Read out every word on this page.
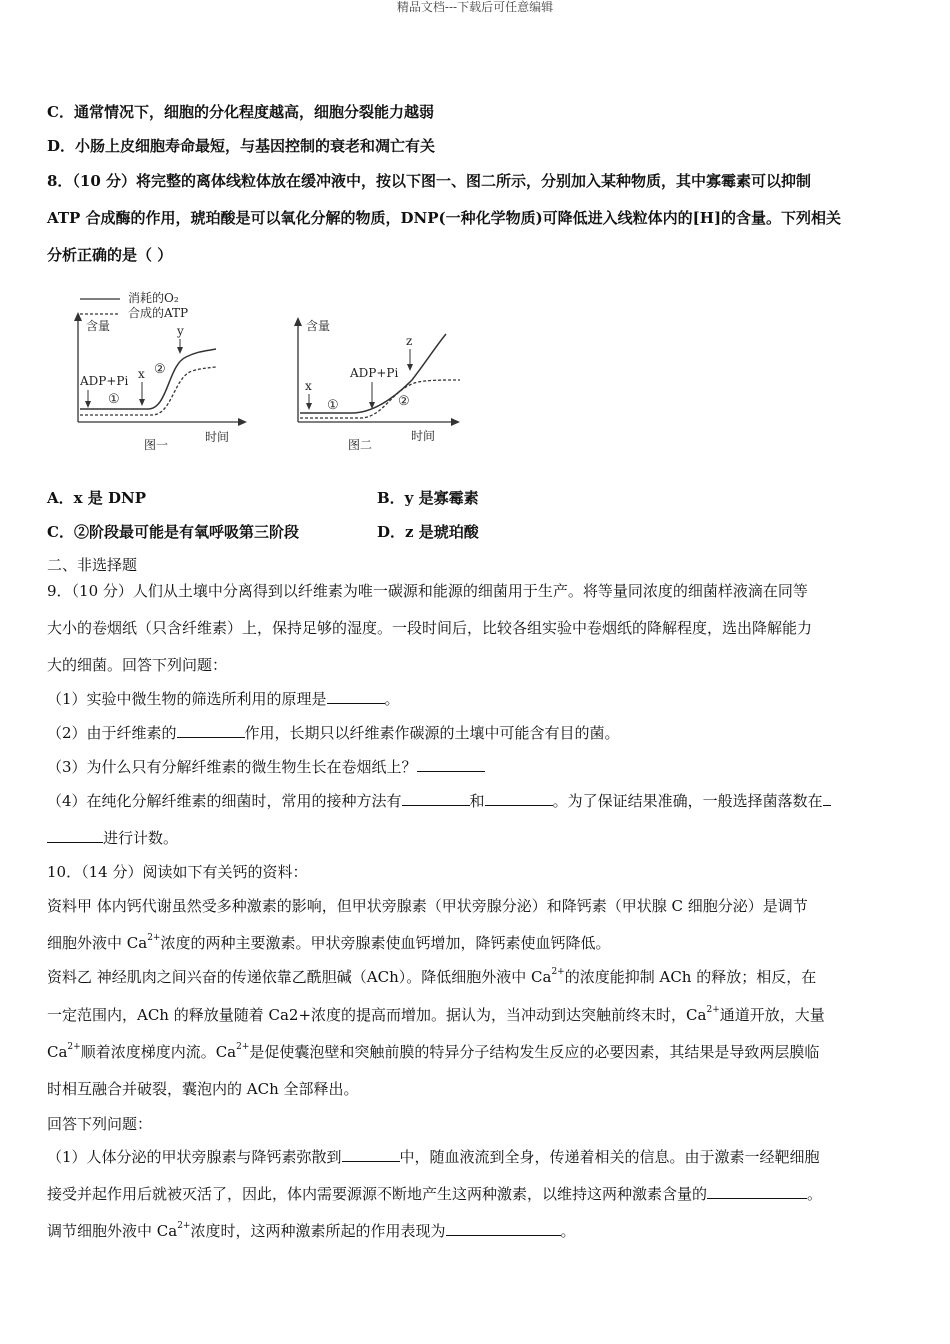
精品文档---下载后可任意编辑
C．通常情况下，细胞的分化程度越高，细胞分裂能力越弱
D．小肠上皮细胞寿命最短，与基因控制的衰老和凋亡有关
8．（10 分）将完整的离体线粒体放在缓冲液中，按以下图一、图二所示，分别加入某种物质，其中寡霉素可以抑制
ATP 合成酶的作用，琥珀酸是可以氧化分解的物质，DNP(一种化学物质)可降低进入线粒体内的[H]的含量。下列相关
分析正确的是（ ）
消耗的O₂
合成的ATP
含量
时间
图一
ADP+Pi
①
x ②
y	含量
时间
图二
x
①
ADP+Pi
②
z
A．x 是 DNP	B．y 是寡霉素
C．②阶段最可能是有氧呼吸第三阶段	D．z 是琥珀酸
二、非选择题
9．（10 分）人们从土壤中分离得到以纤维素为唯一碳源和能源的细菌用于生产。将等量同浓度的细菌样液滴在同等
大小的卷烟纸（只含纤维素）上，保持足够的湿度。一段时间后，比较各组实验中卷烟纸的降解程度，选出降解能力
大的细菌。回答下列问题：
（1）实验中微生物的筛选所利用的原理是	。
（2）由于纤维素的	作用，长期只以纤维素作碳源的土壤中可能含有目的菌。
（3）为什么只有分解纤维素的微生物生长在卷烟纸上？
（4）在纯化分解纤维素的细菌时，常用的接种方法有	和	。为了保证结果准确，一般选择菌落数在
进行计数。
10．（14 分）阅读如下有关钙的资料：
资料甲 体内钙代谢虽然受多种激素的影响，但甲状旁腺素（甲状旁腺分泌）和降钙素（甲状腺 C 细胞分泌）是调节
细胞外液中 $Ca^{2+}$浓度的两种主要激素。甲状旁腺素使血钙增加，降钙素使血钙降低。
资料乙 神经肌肉之间兴奋的传递依靠乙酰胆碱（ACh）。降低细胞外液中 $Ca^{2+}$的浓度能抑制 ACh 的释放；相反，在
一定范围内，ACh 的释放量随着 Ca2+浓度的提高而增加。据认为，当冲动到达突触前终末时，$Ca^{2+}$通道开放，大量
$Ca^{2+}$顺着浓度梯度内流。$Ca^{2+}$是促使囊泡壁和突触前膜的特异分子结构发生反应的必要因素，其结果是导致两层膜临
时相互融合并破裂，囊泡内的 ACh 全部释出。
回答下列问题：
（1）人体分泌的甲状旁腺素与降钙素弥散到	中，随血液流到全身，传递着相关的信息。由于激素一经靶细胞
接受并起作用后就被灭活了，因此，体内需要源源不断地产生这两种激素，以维持这两种激素含量的	。
调节细胞外液中 $Ca^{2+}$浓度时，这两种激素所起的作用表现为	。
